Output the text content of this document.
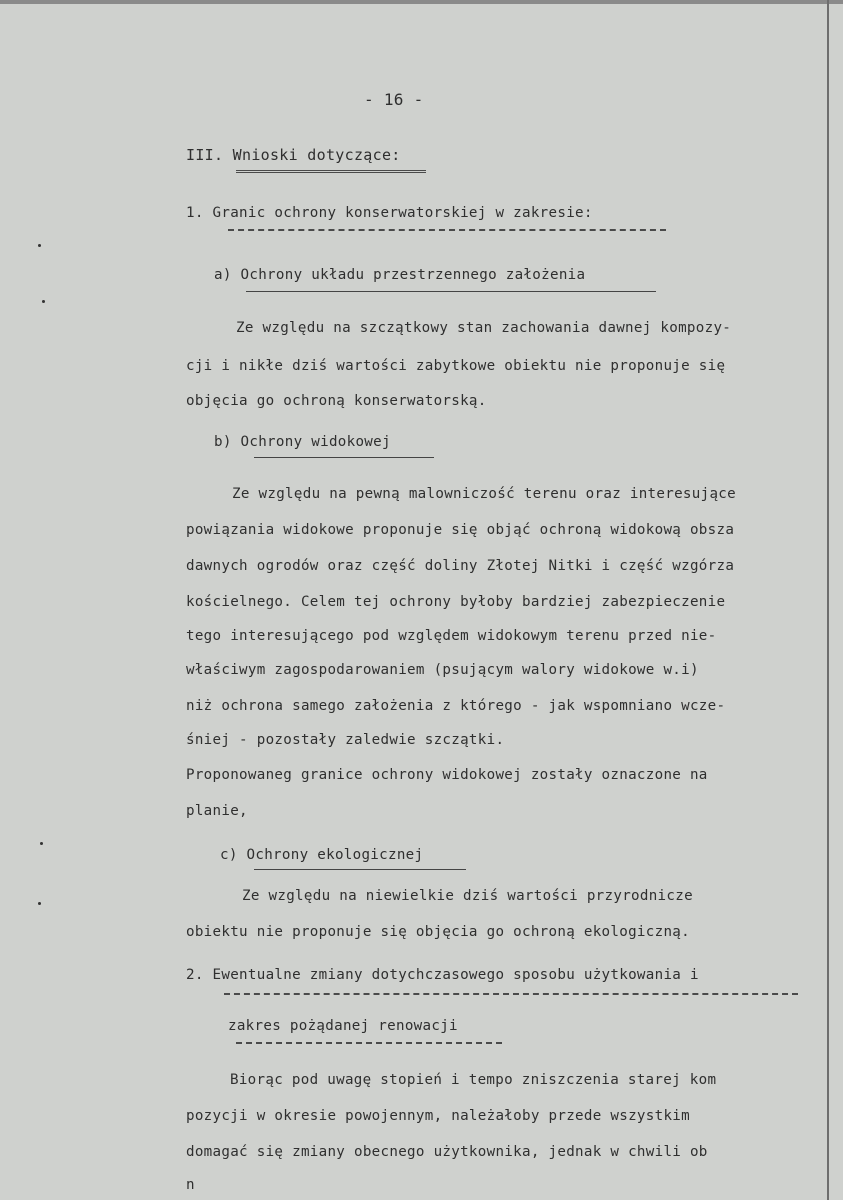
- 16 -
III. Wnioski dotyczące:
1. Granic ochrony konserwatorskiej w zakresie:
a) Ochrony układu przestrzennego założenia
Ze względu na szczątkowy stan zachowania dawnej kompozy-
cji i nikłe dziś wartości zabytkowe obiektu nie proponuje się
objęcia go ochroną konserwatorską.
b) Ochrony widokowej
Ze względu na pewną malowniczość terenu oraz interesujące
powiązania widokowe proponuje się objąć ochroną widokową obsza
dawnych ogrodów oraz część doliny Złotej Nitki i część wzgórza
kościelnego. Celem tej ochrony byłoby bardziej zabezpieczenie
tego interesującego pod względem widokowym terenu przed nie-
właściwym zagospodarowaniem (psującym walory widokowe w.i)
niż ochrona samego założenia z którego - jak wspomniano wcze-
śniej - pozostały zaledwie szczątki.
Proponowaneg granice ochrony widokowej zostały oznaczone na
planie,
c) Ochrony ekologicznej
Ze względu na niewielkie dziś wartości przyrodnicze
obiektu nie proponuje się objęcia go ochroną ekologiczną.
2. Ewentualne zmiany dotychczasowego sposobu użytkowania i
zakres pożądanej renowacji
Biorąc pod uwagę stopień i tempo zniszczenia starej kom
pozycji w okresie powojennym, należałoby przede wszystkim
domagać się zmiany obecnego użytkownika, jednak w chwili ob
n
